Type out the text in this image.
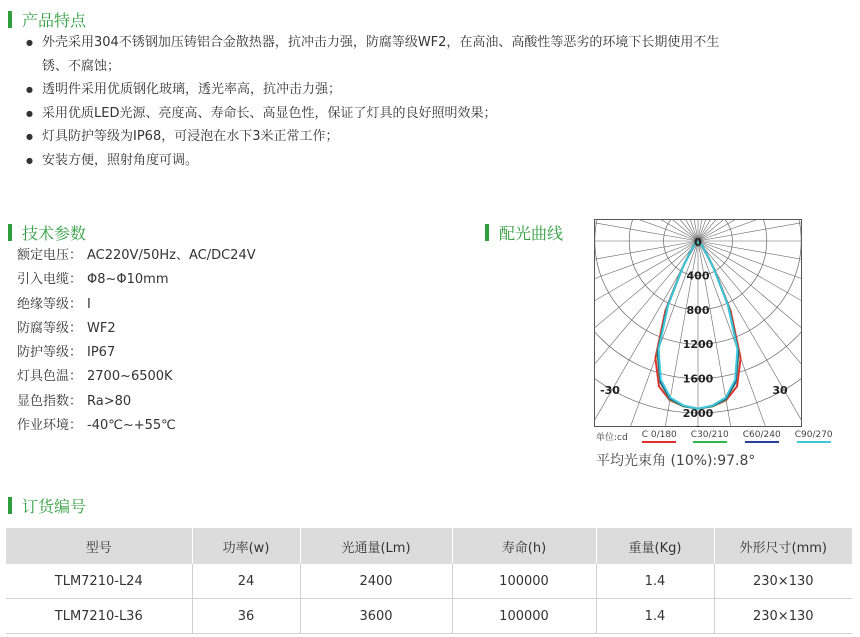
产品特点
● 外壳采用304不锈钢加压铸铝合金散热器，抗冲击力强，防腐等级WF2，在高油、高酸性等恶劣的环境下长期使用不生锈、不腐蚀；
● 透明件采用优质钢化玻璃，透光率高，抗冲击力强；
● 采用优质LED光源、亮度高、寿命长、高显色性，保证了灯具的良好照明效果；
● 灯具防护等级为IP68，可浸泡在水下3米正常工作；
● 安装方便，照射角度可调。
技术参数
额定电压： AC220V/50Hz、AC/DC24V
引入电缆： Φ8~Φ10mm
绝缘等级： I
防腐等级： WF2
防护等级： IP67
灯具色温： 2700~6500K
显色指数： Ra>80
作业环境： -40℃~+55℃
配光曲线	0
400
800
1200
1600
2000
-30	30
单位:cd C 0/180 C30/210 C60/240 C90/270
平均光束角 (10%):97.8°
订货编号
型号	功率(w)	光通量(Lm)	寿命(h)	重量(Kg)	外形尺寸(mm)
TLM7210-L24	24	2400	100000	1.4	230×130
TLM7210-L36	36	3600	100000	1.4	230×130
